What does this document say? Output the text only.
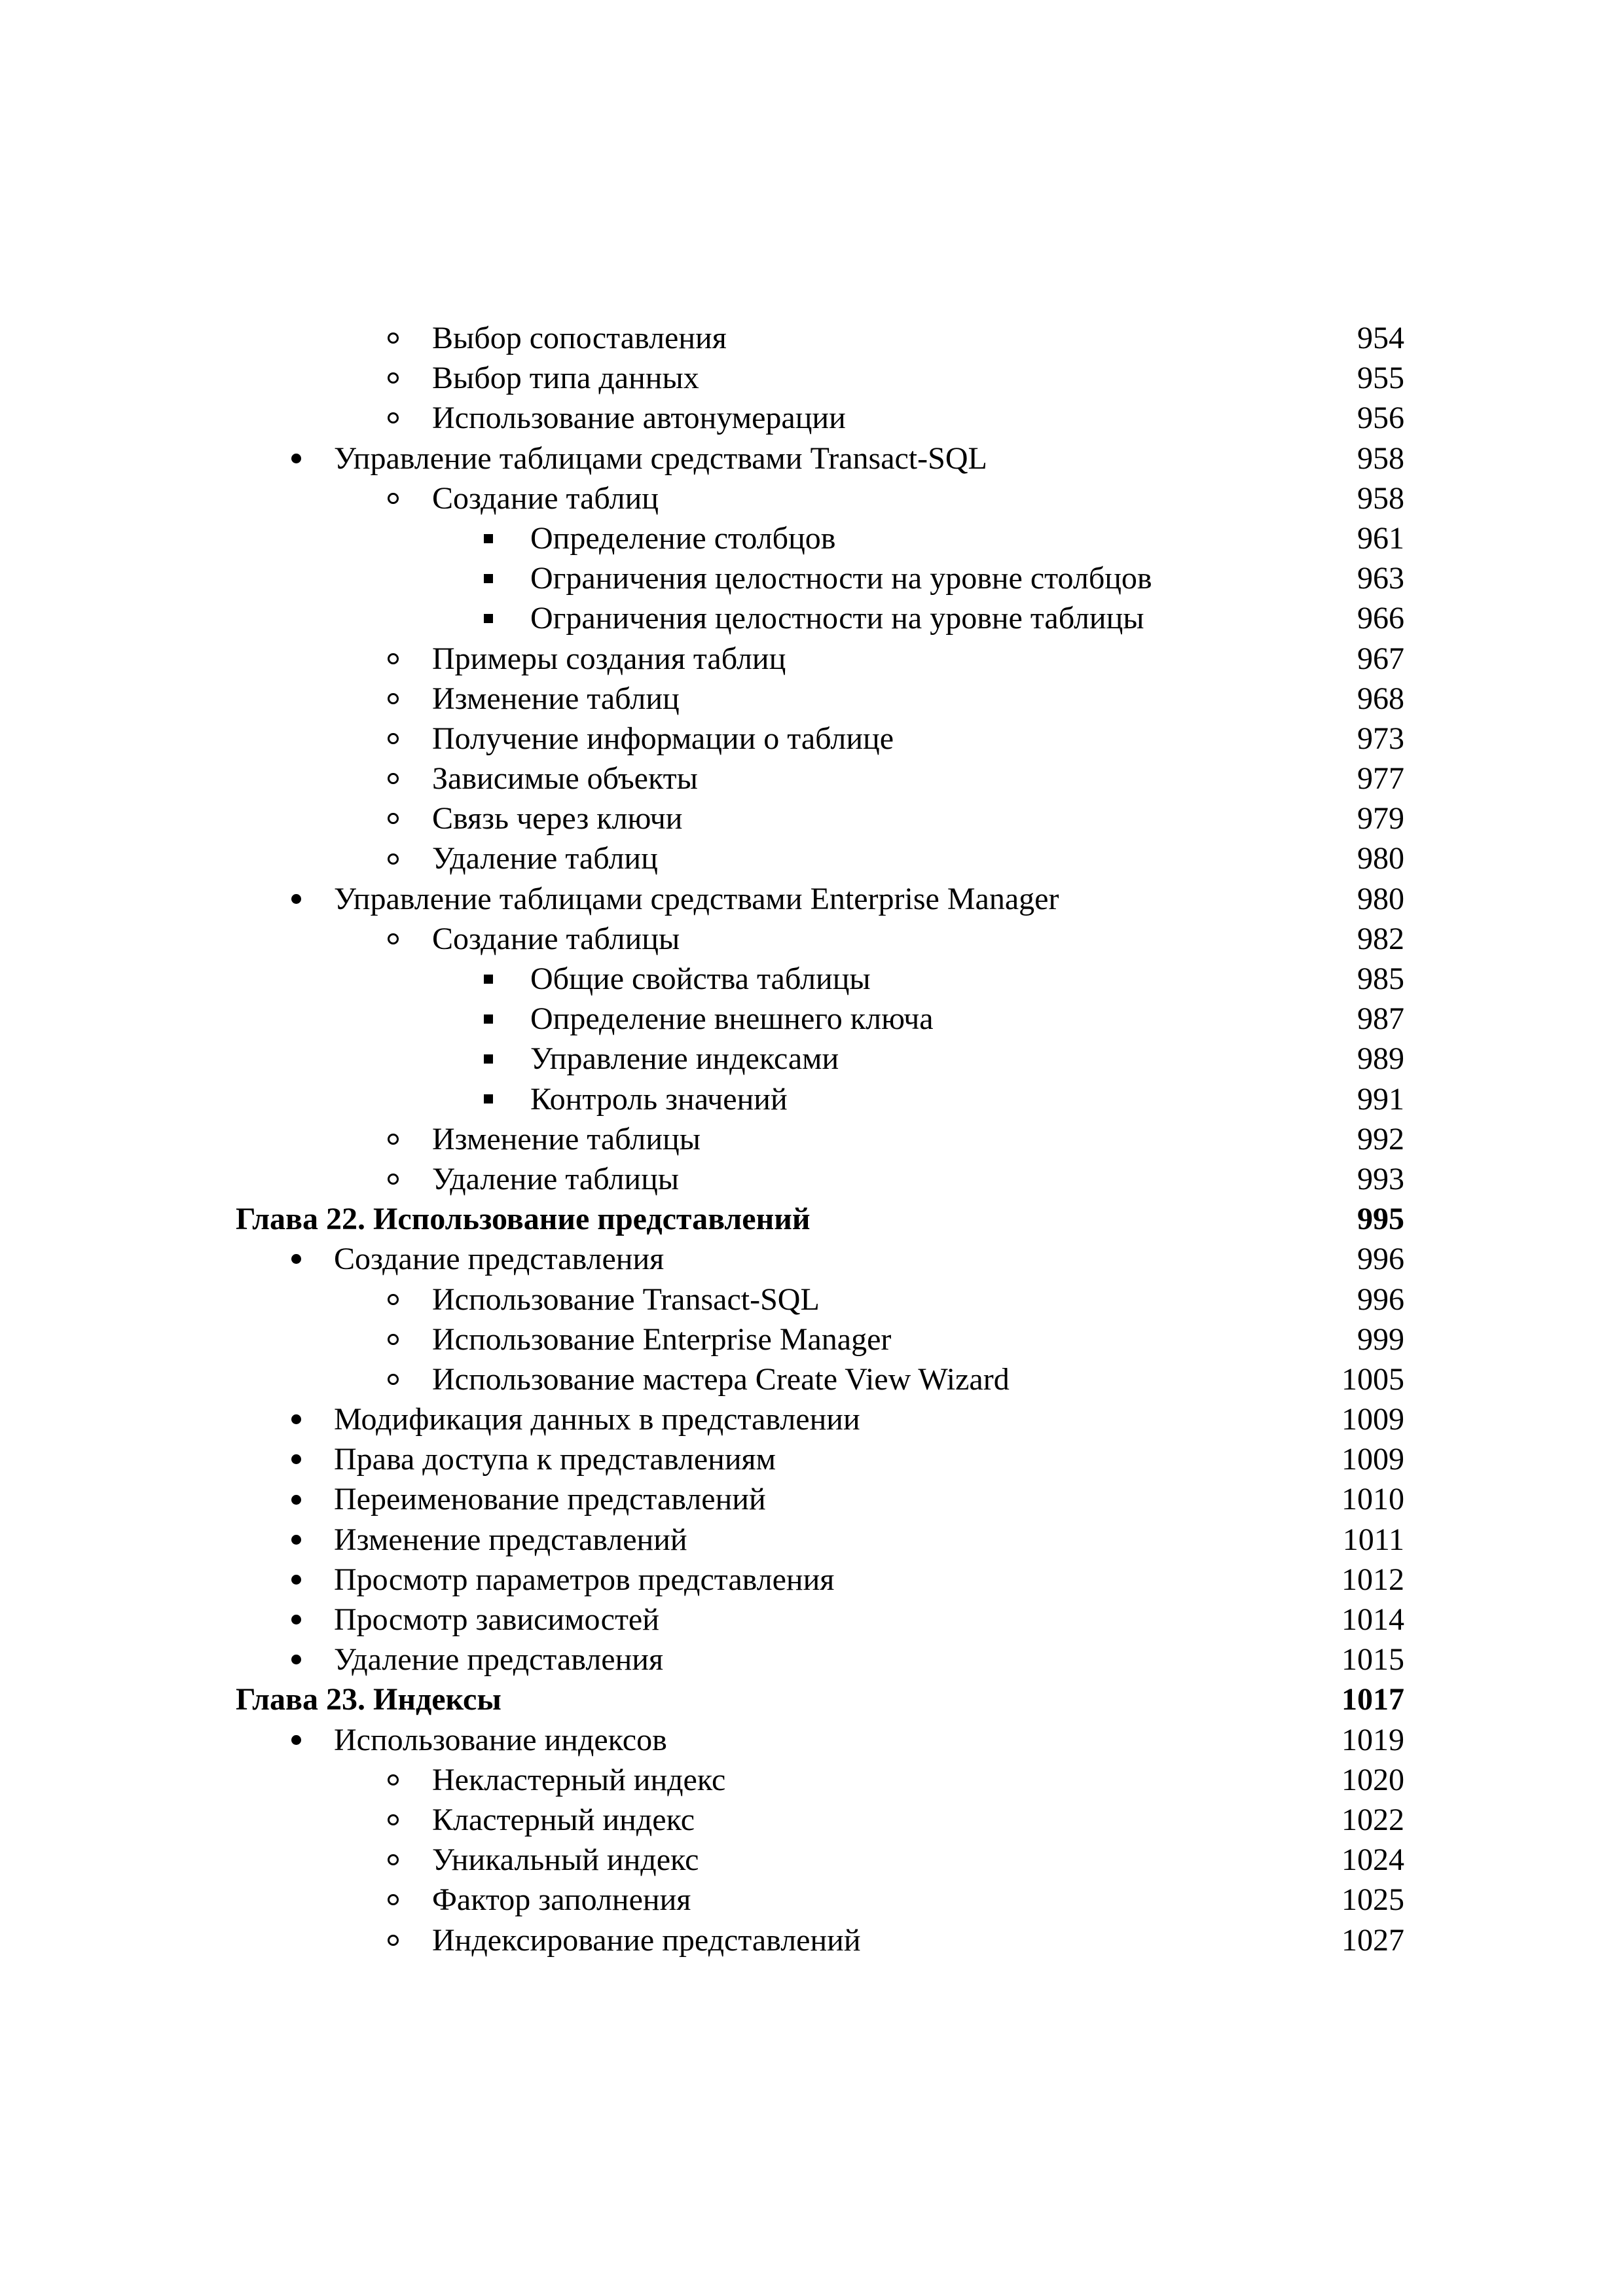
Выбор сопоставления	954
Выбор типа данных	955
Использование автонумерации	956
Управление таблицами средствами Transact-SQL	958
Создание таблиц	958
Определение столбцов	961
Ограничения целостности на уровне столбцов	963
Ограничения целостности на уровне таблицы	966
Примеры создания таблиц	967
Изменение таблиц	968
Получение информации о таблице	973
Зависимые объекты	977
Связь через ключи	979
Удаление таблиц	980
Управление таблицами средствами Enterprise Manager	980
Создание таблицы	982
Общие свойства таблицы	985
Определение внешнего ключа	987
Управление индексами	989
Контроль значений	991
Изменение таблицы	992
Удаление таблицы	993
Глава 22. Использование представлений	995
Создание представления	996
Использование Transact-SQL	996
Использование Enterprise Manager	999
Использование мастера Create View Wizard	1005
Модификация данных в представлении	1009
Права доступа к представлениям	1009
Переименование представлений	1010
Изменение представлений	1011
Просмотр параметров представления	1012
Просмотр зависимостей	1014
Удаление представления	1015
Глава 23. Индексы	1017
Использование индексов	1019
Некластерный индекс	1020
Кластерный индекс	1022
Уникальный индекс	1024
Фактор заполнения	1025
Индексирование представлений	1027
